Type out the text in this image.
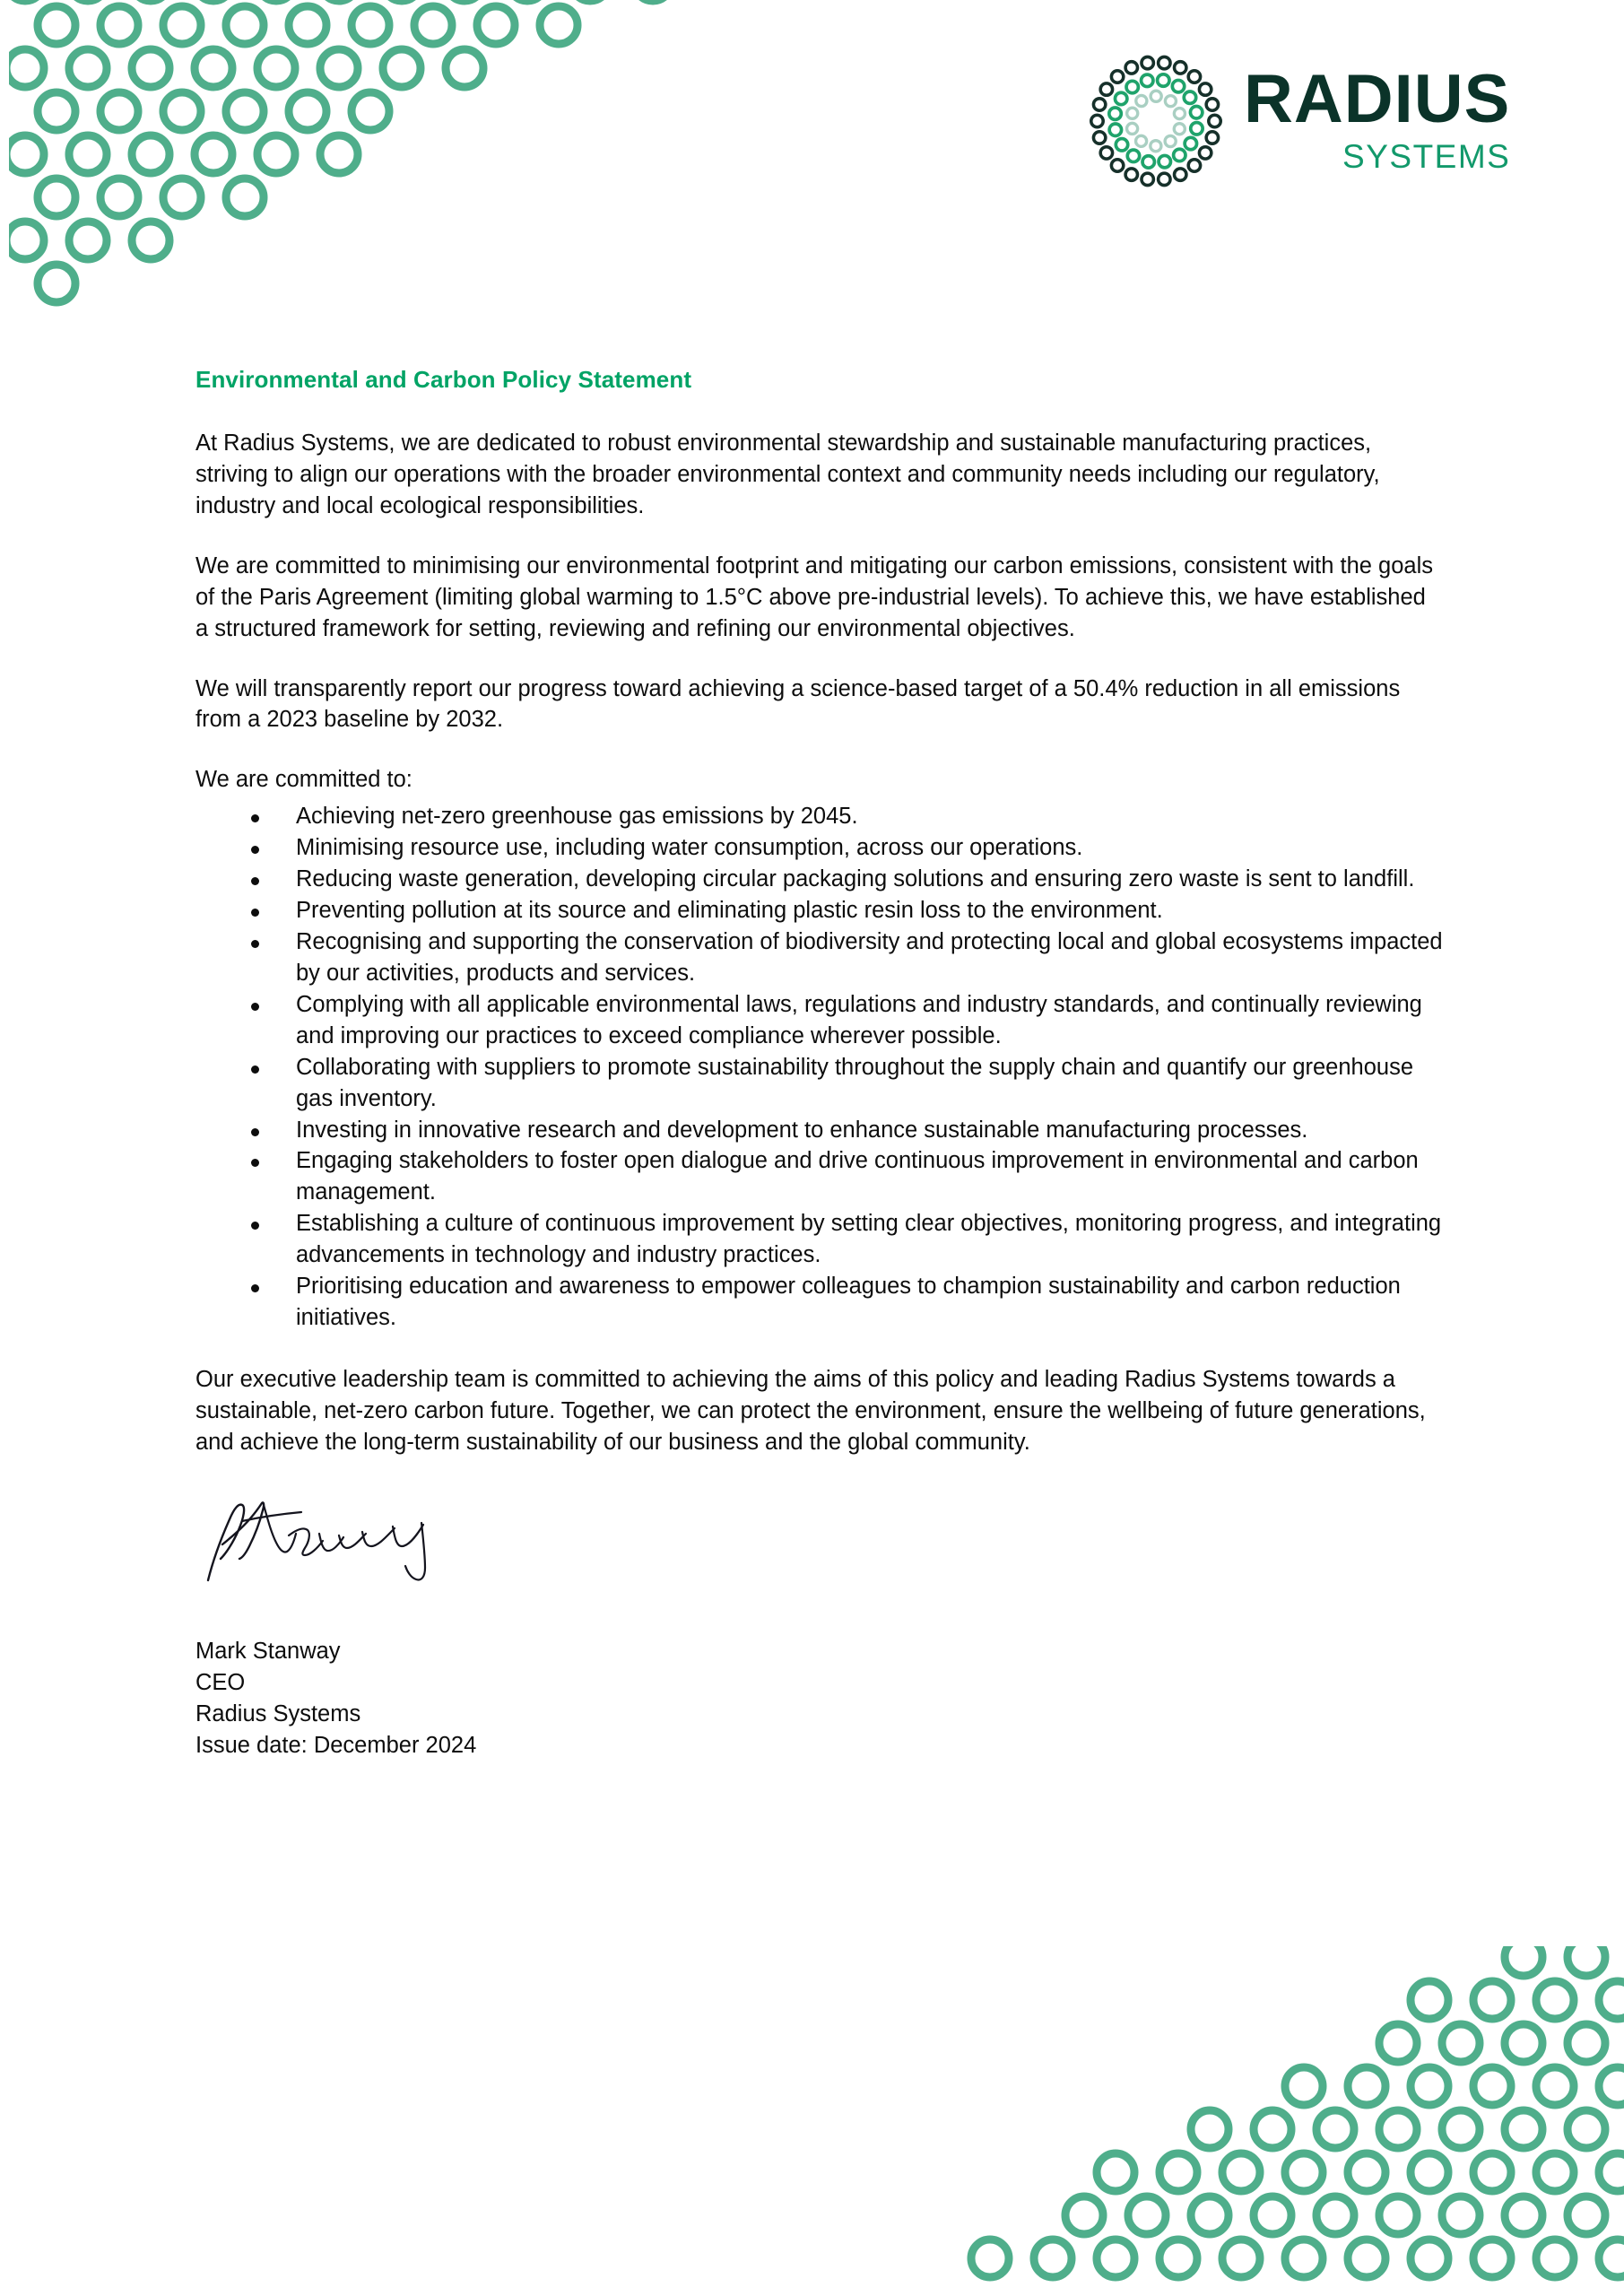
RADIUS
SYSTEMS
Environmental and Carbon Policy Statement

At Radius Systems, we are dedicated to robust environmental stewardship and sustainable manufacturing practices, striving to align our operations with the broader environmental context and community needs including our regulatory, industry and local ecological responsibilities.

We are committed to minimising our environmental footprint and mitigating our carbon emissions, consistent with the goals of the Paris Agreement (limiting global warming to 1.5°C above pre-industrial levels). To achieve this, we have established a structured framework for setting, reviewing and refining our environmental objectives.

We will transparently report our progress toward achieving a science-based target of a 50.4% reduction in all emissions from a 2023 baseline by 2032.

We are committed to:

Achieving net-zero greenhouse gas emissions by 2045.
Minimising resource use, including water consumption, across our operations.
Reducing waste generation, developing circular packaging solutions and ensuring zero waste is sent to landfill.
Preventing pollution at its source and eliminating plastic resin loss to the environment.
Recognising and supporting the conservation of biodiversity and protecting local and global ecosystems impacted by our activities, products and services.
Complying with all applicable environmental laws, regulations and industry standards, and continually reviewing and improving our practices to exceed compliance wherever possible.
Collaborating with suppliers to promote sustainability throughout the supply chain and quantify our greenhouse gas inventory.
Investing in innovative research and development to enhance sustainable manufacturing processes.
Engaging stakeholders to foster open dialogue and drive continuous improvement in environmental and carbon management.
Establishing a culture of continuous improvement by setting clear objectives, monitoring progress, and integrating advancements in technology and industry practices.
Prioritising education and awareness to empower colleagues to champion sustainability and carbon reduction initiatives.

Our executive leadership team is committed to achieving the aims of this policy and leading Radius Systems towards a sustainable, net-zero carbon future. Together, we can protect the environment, ensure the wellbeing of future generations, and achieve the long-term sustainability of our business and the global community.

Mark Stanway
CEO
Radius Systems
Issue date: December 2024
